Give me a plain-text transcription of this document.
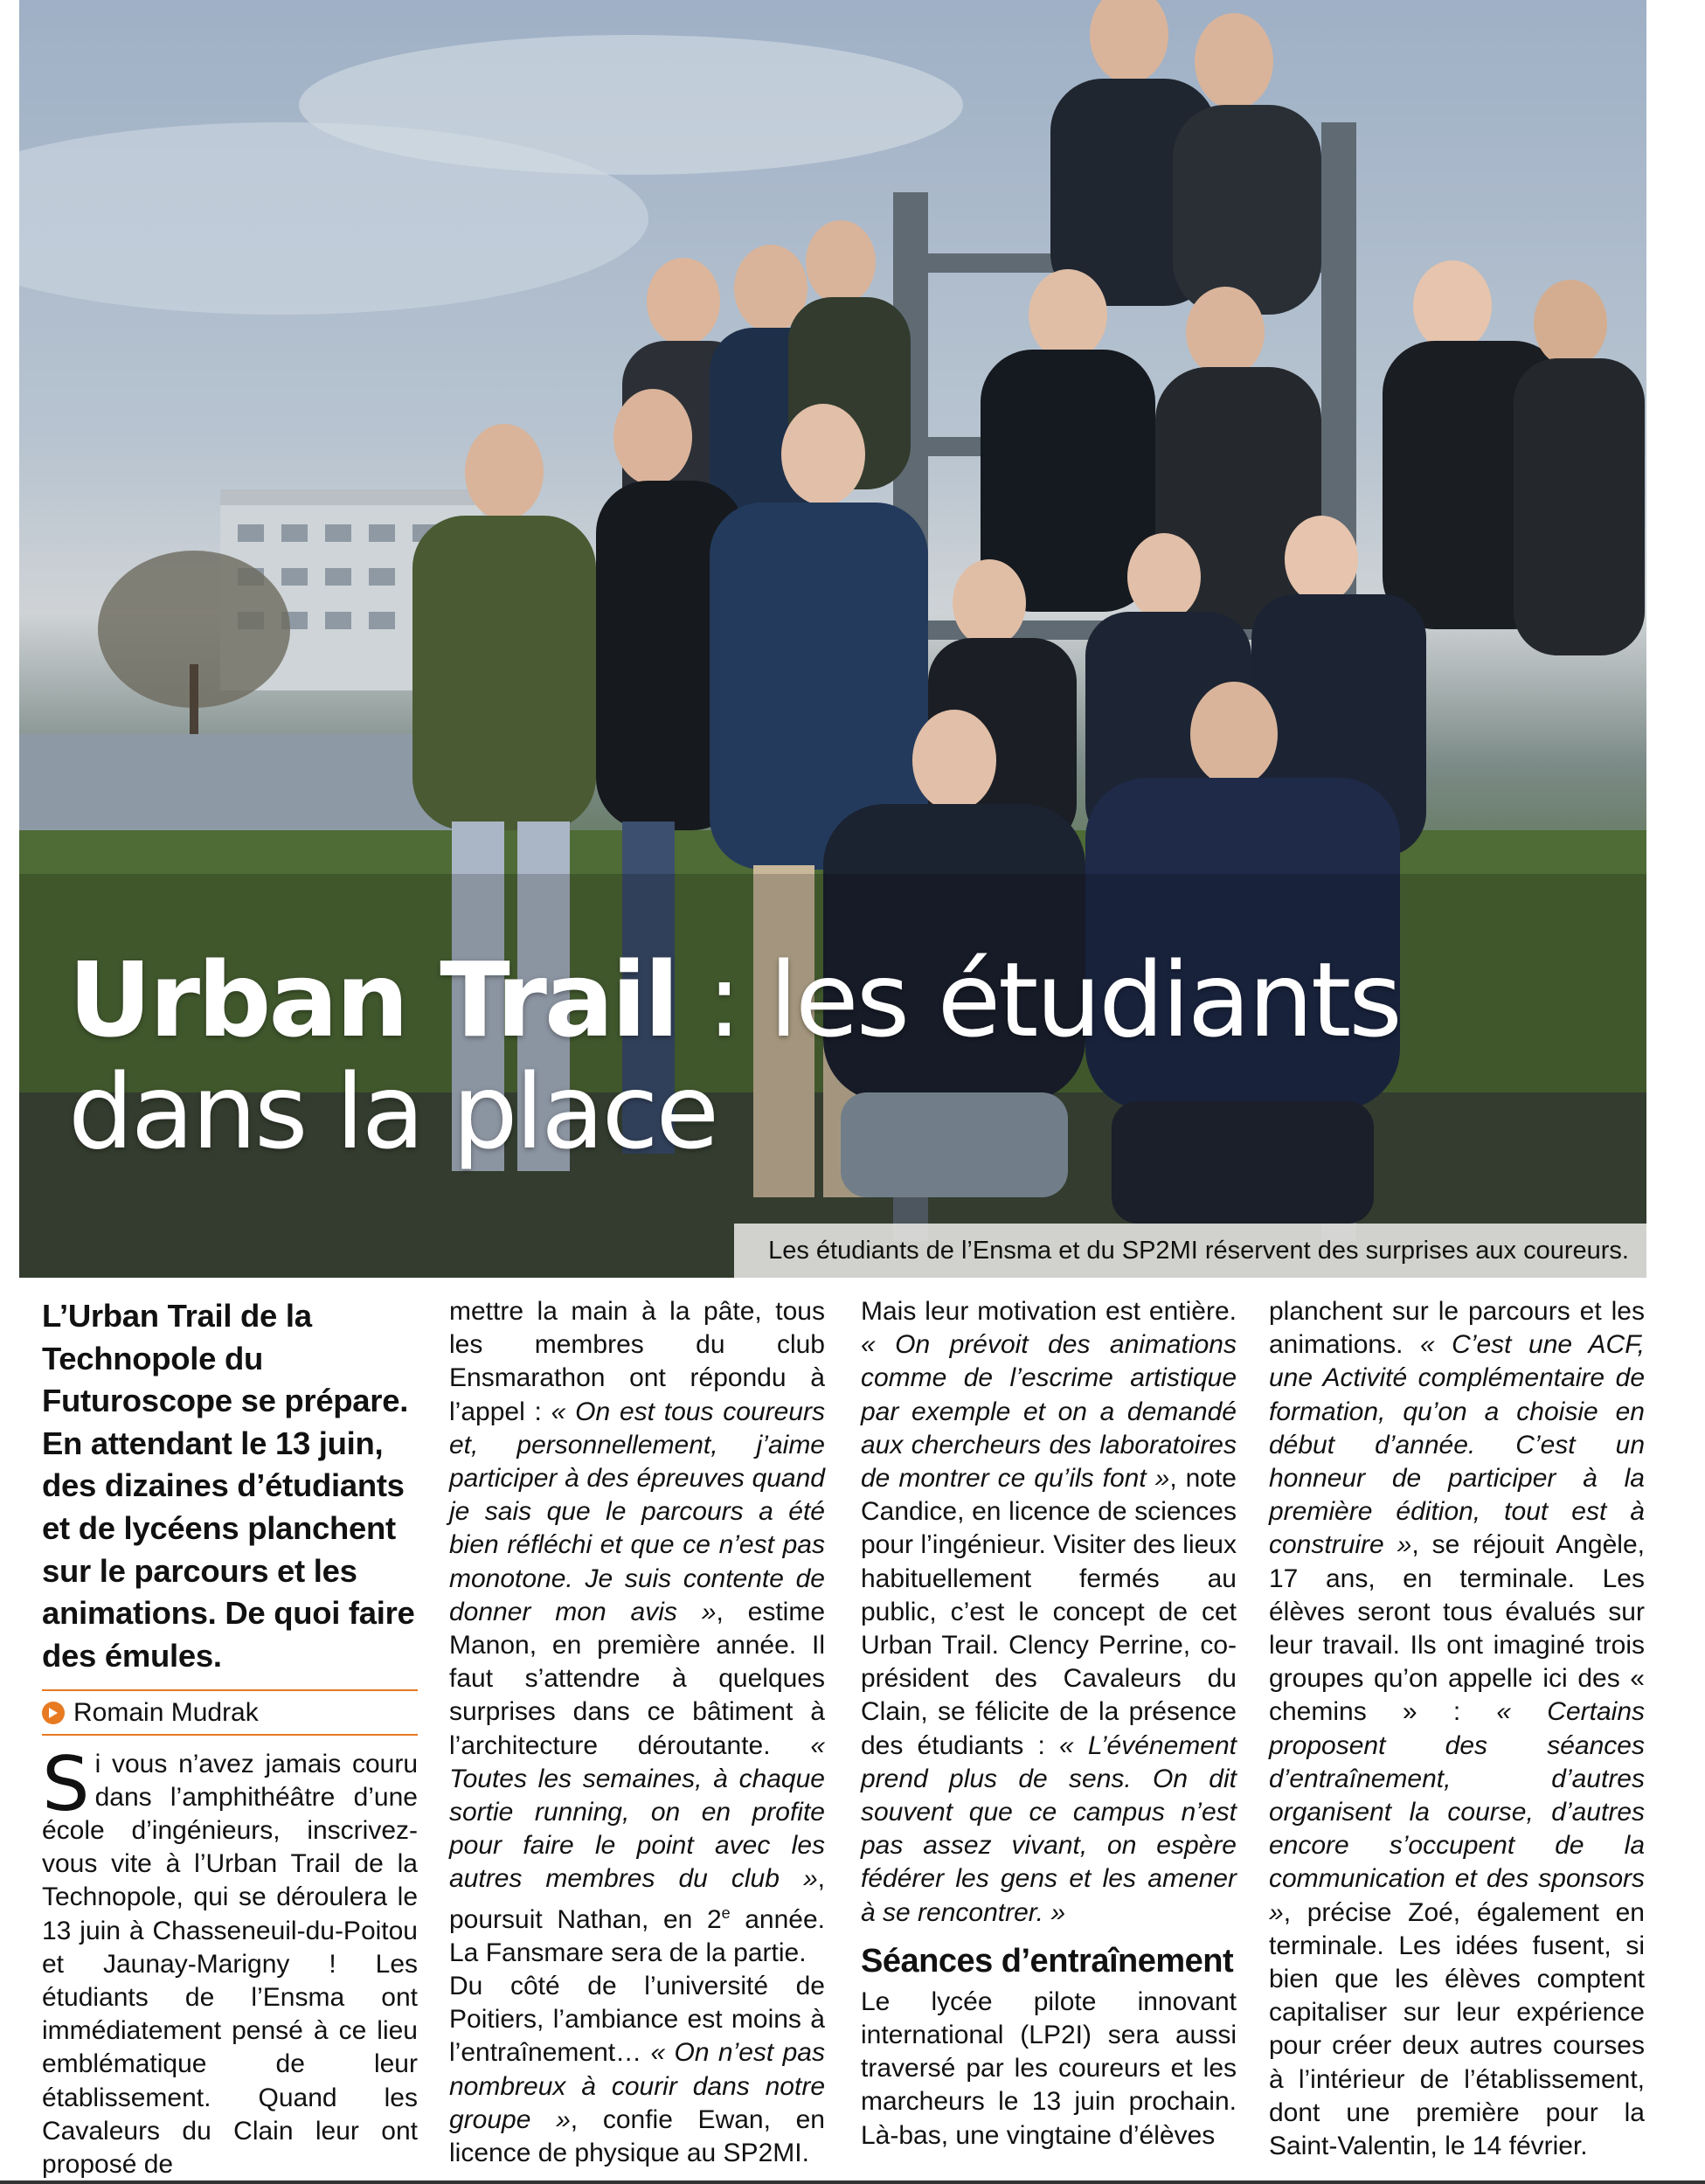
Urban Trail : les étudiants
dans la place
Les étudiants de l’Ensma et du SP2MI réservent des surprises aux coureurs.

L’Urban Trail de la Technopole du Futuroscope se prépare. En attendant le 13 juin, des dizaines d’étudiants et de lycéens planchent sur le parcours et les animations. De quoi faire des émules.

Romain Mudrak

Si vous n’avez jamais couru dans l’amphithéâtre d’une école d’ingénieurs, inscrivez-vous vite à l’Urban Trail de la Technopole, qui se déroulera le 13 juin à Chasseneuil-du-Poitou et Jaunay-Marigny ! Les étudiants de l’Ensma ont immédiatement pensé à ce lieu emblématique de leur établissement. Quand les Cavaleurs du Clain leur ont proposé de

mettre la main à la pâte, tous les membres du club Ensmarathon ont répondu à l’appel : « On est tous coureurs et, personnellement, j’aime participer à des épreuves quand je sais que le parcours a été bien réfléchi et que ce n’est pas monotone. Je suis contente de donner mon avis », estime Manon, en première année. Il faut s’attendre à quelques surprises dans ce bâtiment à l’architecture déroutante. « Toutes les semaines, à chaque sortie running, on en profite pour faire le point avec les autres membres du club », poursuit Nathan, en 2e année. La Fansmare sera de la partie.

Du côté de l’université de Poitiers, l’ambiance est moins à l’entraînement… « On n’est pas nombreux à courir dans notre groupe », confie Ewan, en licence de physique au SP2MI.

Mais leur motivation est entière. « On prévoit des animations comme de l’escrime artistique par exemple et on a demandé aux chercheurs des laboratoires de montrer ce qu’ils font », note Candice, en licence de sciences pour l’ingénieur. Visiter des lieux habituellement fermés au public, c’est le concept de cet Urban Trail. Clency Perrine, co-président des Cavaleurs du Clain, se félicite de la présence des étudiants : « L’événement prend plus de sens. On dit souvent que ce campus n’est pas assez vivant, on espère fédérer les gens et les amener à se rencontrer. »

Séances d’entraînement

Le lycée pilote innovant international (LP2I) sera aussi traversé par les coureurs et les marcheurs le 13 juin prochain. Là-bas, une vingtaine d’élèves

planchent sur le parcours et les animations. « C’est une ACF, une Activité complémentaire de formation, qu’on a choisie en début d’année. C’est un honneur de participer à la première édition, tout est à construire », se réjouit Angèle, 17 ans, en terminale. Les élèves seront tous évalués sur leur travail. Ils ont imaginé trois groupes qu’on appelle ici des « chemins » : « Certains proposent des séances d’entraînement, d’autres organisent la course, d’autres encore s’occupent de la communication et des sponsors », précise Zoé, également en terminale. Les idées fusent, si bien que les élèves comptent capitaliser sur leur expérience pour créer deux autres courses à l’intérieur de l’établissement, dont une première pour la Saint-Valentin, le 14 février.
